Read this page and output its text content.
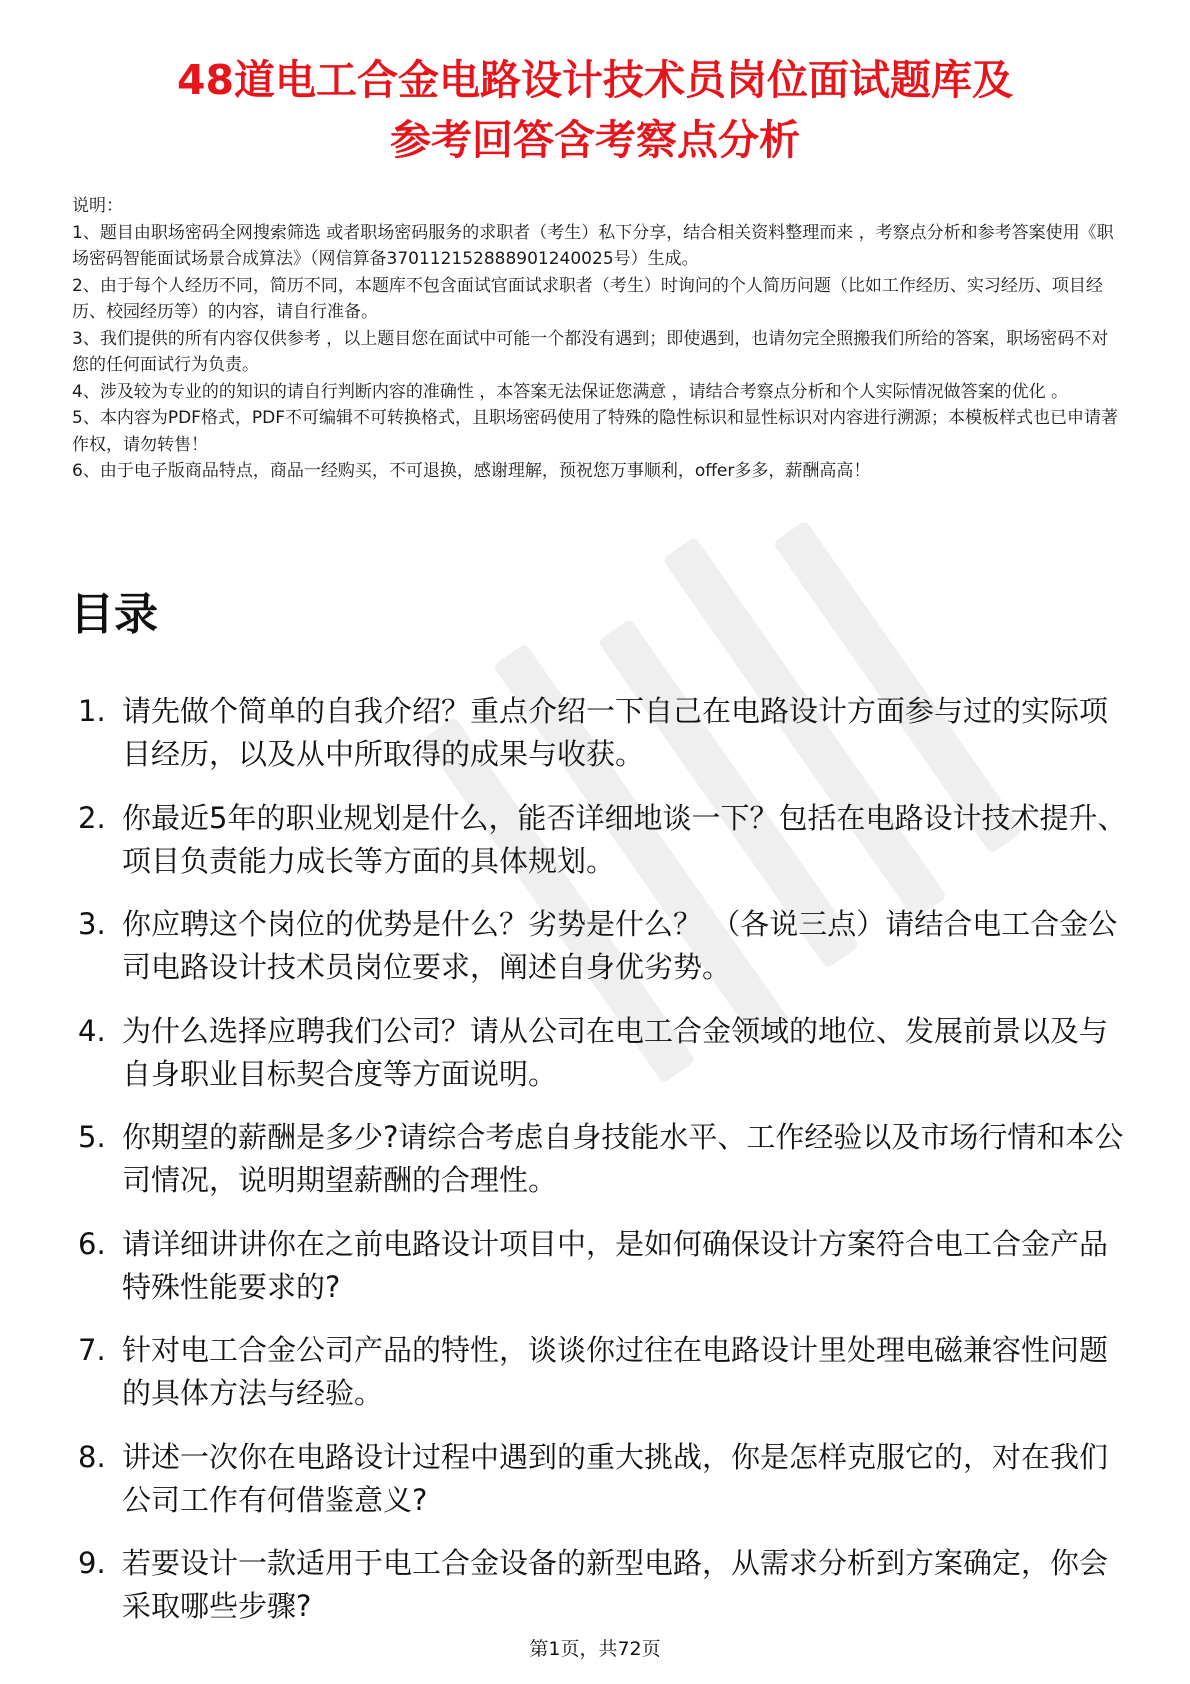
48道电工合金电路设计技术员岗位面试题库及
参考回答含考察点分析

说明：

1、题目由职场密码全网搜索筛选 或者职场密码服务的求职者（考生）私下分享，结合相关资料整理而来 ，考察点分析和参考答案使用《职场密码智能面试场景合成算法》（网信算备370112152888901240025号）生成。

2、由于每个人经历不同，简历不同，本题库不包含面试官面试求职者（考生）时询问的个人简历问题（比如工作经历、实习经历、项目经历、校园经历等）的内容，请自行准备。

3、我们提供的所有内容仅供参考 ，以上题目您在面试中可能一个都没有遇到；即使遇到，也请勿完全照搬我们所给的答案，职场密码不对您的任何面试行为负责。

4、涉及较为专业的的知识的请自行判断内容的准确性 ，本答案无法保证您满意 ，请结合考察点分析和个人实际情况做答案的优化 。

5、本内容为PDF格式，PDF不可编辑不可转换格式，且职场密码使用了特殊的隐性标识和显性标识对内容进行溯源；本模板样式也已申请著作权，请勿转售！

6、由于电子版商品特点，商品一经购买，不可退换，感谢理解，预祝您万事顺利，offer多多，薪酬高高！

目录
1. 请先做个简单的自我介绍？重点介绍一下自己在电路设计方面参与过的实际项目经历，以及从中所取得的成果与收获。
2. 你最近5年的职业规划是什么，能否详细地谈一下？包括在电路设计技术提升、项目负责能力成长等方面的具体规划。
3. 你应聘这个岗位的优势是什么？劣势是什么？ （各说三点）请结合电工合金公司电路设计技术员岗位要求，阐述自身优劣势。
4. 为什么选择应聘我们公司？请从公司在电工合金领域的地位、发展前景以及与自身职业目标契合度等方面说明。
5. 你期望的薪酬是多少?请综合考虑自身技能水平、工作经验以及市场行情和本公司情况，说明期望薪酬的合理性。
6. 请详细讲讲你在之前电路设计项目中，是如何确保设计方案符合电工合金产品特殊性能要求的?
7. 针对电工合金公司产品的特性，谈谈你过往在电路设计里处理电磁兼容性问题的具体方法与经验。
8. 讲述一次你在电路设计过程中遇到的重大挑战，你是怎样克服它的，对在我们公司工作有何借鉴意义?
9. 若要设计一款适用于电工合金设备的新型电路，从需求分析到方案确定，你会采取哪些步骤?
第1页，共72页
